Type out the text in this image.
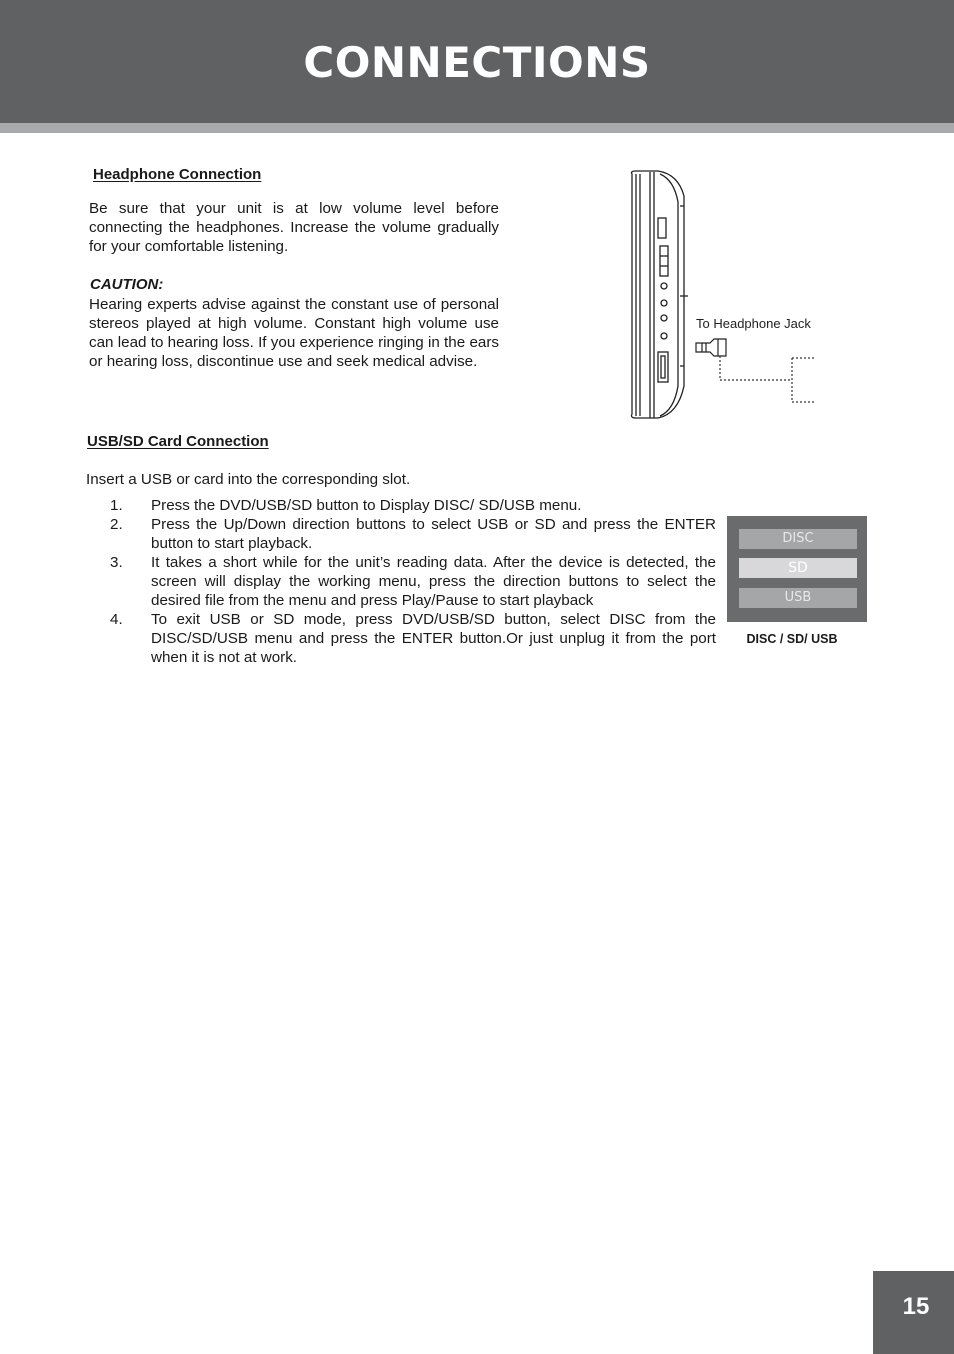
CONNECTIONS
Headphone Connection

Be sure that your unit is at low volume level before connecting the headphones. Increase the volume gradually for your comfortable listening.

CAUTION:

Hearing experts advise against the constant use of personal stereos played at high volume. Constant high volume use can lead to hearing loss. If you experience ringing in the ears or hearing loss, discontinue use and seek medical advise.

To Headphone Jack
USB/SD Card Connection

Insert a USB or card into the corresponding slot.

1. Press the DVD/USB/SD button to Display DISC/ SD/USB menu.
2. Press the Up/Down direction buttons to select USB or SD and press the ENTER button to start playback.
3. It takes a short while for the unit’s reading data. After the device is detected, the screen will display the working menu, press the direction buttons to select the desired file from the menu and press Play/Pause to start playback
4. To exit USB or SD mode, press DVD/USB/SD button, select DISC from the DISC/SD/USB menu and press the ENTER button.Or just unplug it from the port when it is not at work.
DISC
SD
USB
DISC / SD/ USB
15
